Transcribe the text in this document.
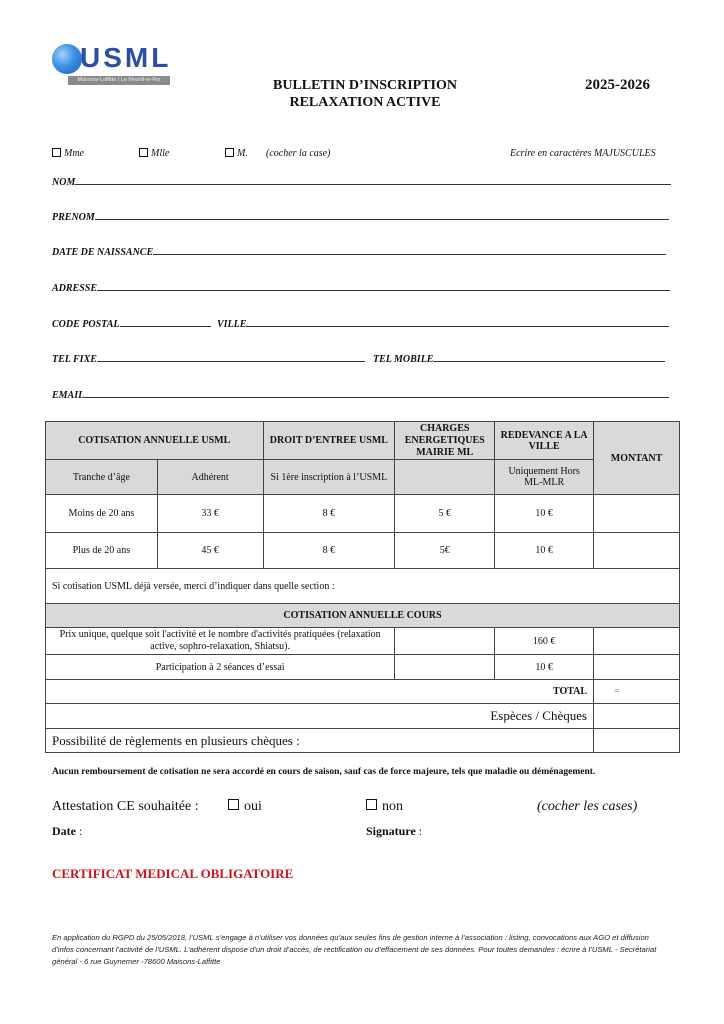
USML
Maisons-Laffitte / Le Mesnil-le-Roi	BULLETIN D’INSCRIPTION
RELAXATION ACTIVE
2025-2026
Mme	Mlle	M. (cocher la case)	Ecrire en caractères MAJUSCULES
NOM
PRENOM
DATE DE NAISSANCE
ADRESSE
CODE POSTAL	VILLE
TEL FIXE	TEL MOBILE
EMAIL
COTISATION ANNUELLE USML		DROIT D’ENTREE USML	CHARGES ENERGETIQUES MAIRIE ML	REDEVANCE A LA VILLE	MONTANT
Tranche d’âge	Adhérent	Si 1ère inscription à l’USML		Uniquement Hors ML-MLR	
Moins de 20 ans	33 €	8 €	5 €	10 €	
Plus de 20 ans	45 €	8 €	5€	10 €	
Si cotisation USML déjà versée, merci d’indiquer dans quelle section :					
COTISATION ANNUELLE COURS					
Prix unique, quelque soit l'activité et le nombre d'activités pratiquées (relaxation active, sophro-relaxation, Shiatsu).				160 €	
Participation à 2 séances d’essai				10 €	
TOTAL					=
Espèces / Chèques					
Possibilité de règlements en plusieurs chèques :					
Aucun remboursement de cotisation ne sera accordé en cours de saison, sauf cas de force majeure, tels que maladie ou déménagement.
Attestation CE souhaitée :	oui	non	(cocher les cases)
Date :	Signature :
CERTIFICAT MEDICAL OBLIGATOIRE
En application du RGPD du 25/05/2018, l’USML s’engage à n’utiliser vos données qu’aux seules fins de gestion interne à l’association : listing, convocations aux AGO et diffusion d’infos concernant l’activité de l’USML. L’adhérent dispose d’un droit d’accès, de rectification ou d’effacement de ses données. Pour toutes demandes : écrire à l’USML - Secrétariat général - 6 rue Guynemer -78600 Maisons-Laffitte
